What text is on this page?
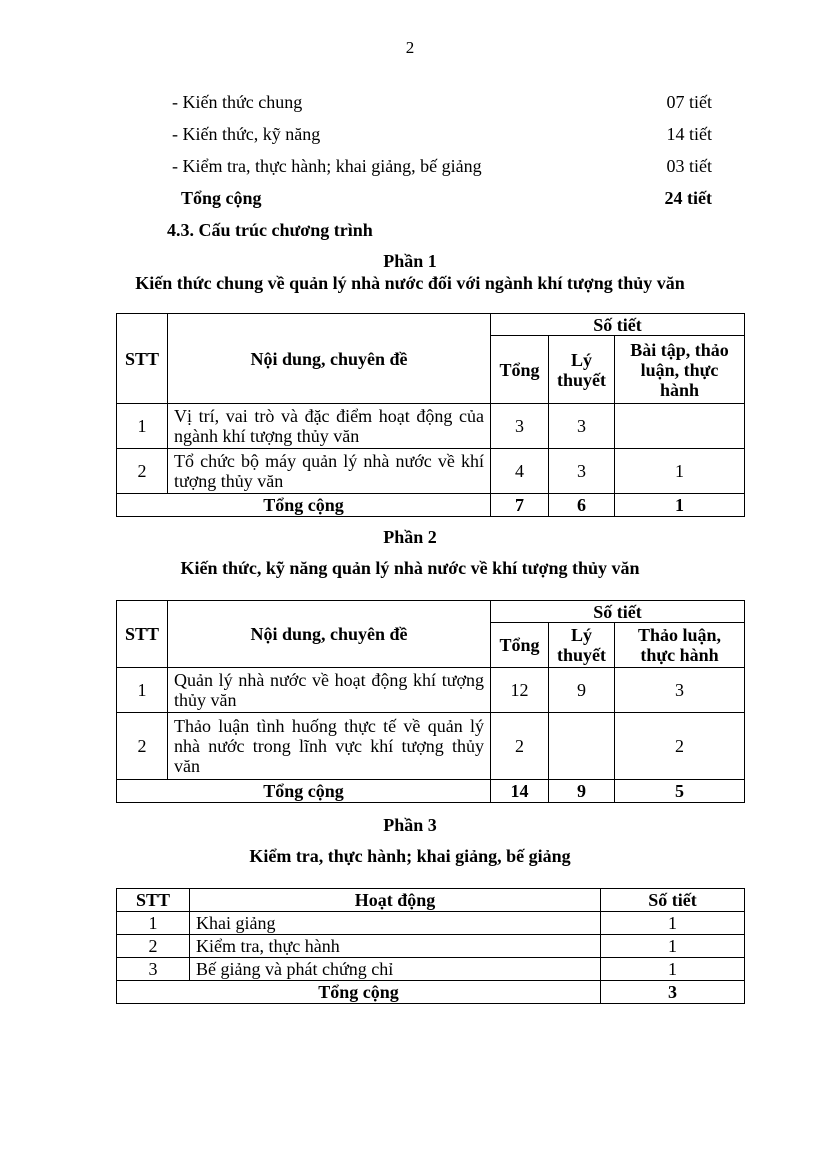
2
- Kiến thức chung	07 tiết
- Kiến thức, kỹ năng	14 tiết
- Kiểm tra, thực hành; khai giảng, bế giảng	03 tiết
Tổng cộng	24 tiết
4.3. Cấu trúc chương trình
Phần 1
Kiến thức chung về quản lý nhà nước đối với ngành khí tượng thủy văn
STT	Nội dung, chuyên đề	Số tiết		
		Tổng	Lý thuyết	Bài tập, thảo luận, thực hành
1	Vị trí, vai trò và đặc điểm hoạt động của ngành khí tượng thủy văn	3	3	
2	Tổ chức bộ máy quản lý nhà nước về khí tượng thủy văn	4	3	1
Tổng cộng		7	6	1
Phần 2
Kiến thức, kỹ năng quản lý nhà nước về khí tượng thủy văn
STT	Nội dung, chuyên đề	Số tiết		
		Tổng	Lý thuyết	Thảo luận, thực hành
1	Quản lý nhà nước về hoạt động khí tượng thủy văn	12	9	3
2	Thảo luận tình huống thực tế về quản lý nhà nước trong lĩnh vực khí tượng thủy văn	2		2
Tổng cộng		14	9	5
Phần 3
Kiểm tra, thực hành; khai giảng, bế giảng
STT	Hoạt động	Số tiết
1	Khai giảng	1
2	Kiểm tra, thực hành	1
3	Bế giảng và phát chứng chỉ	1
Tổng cộng		3
